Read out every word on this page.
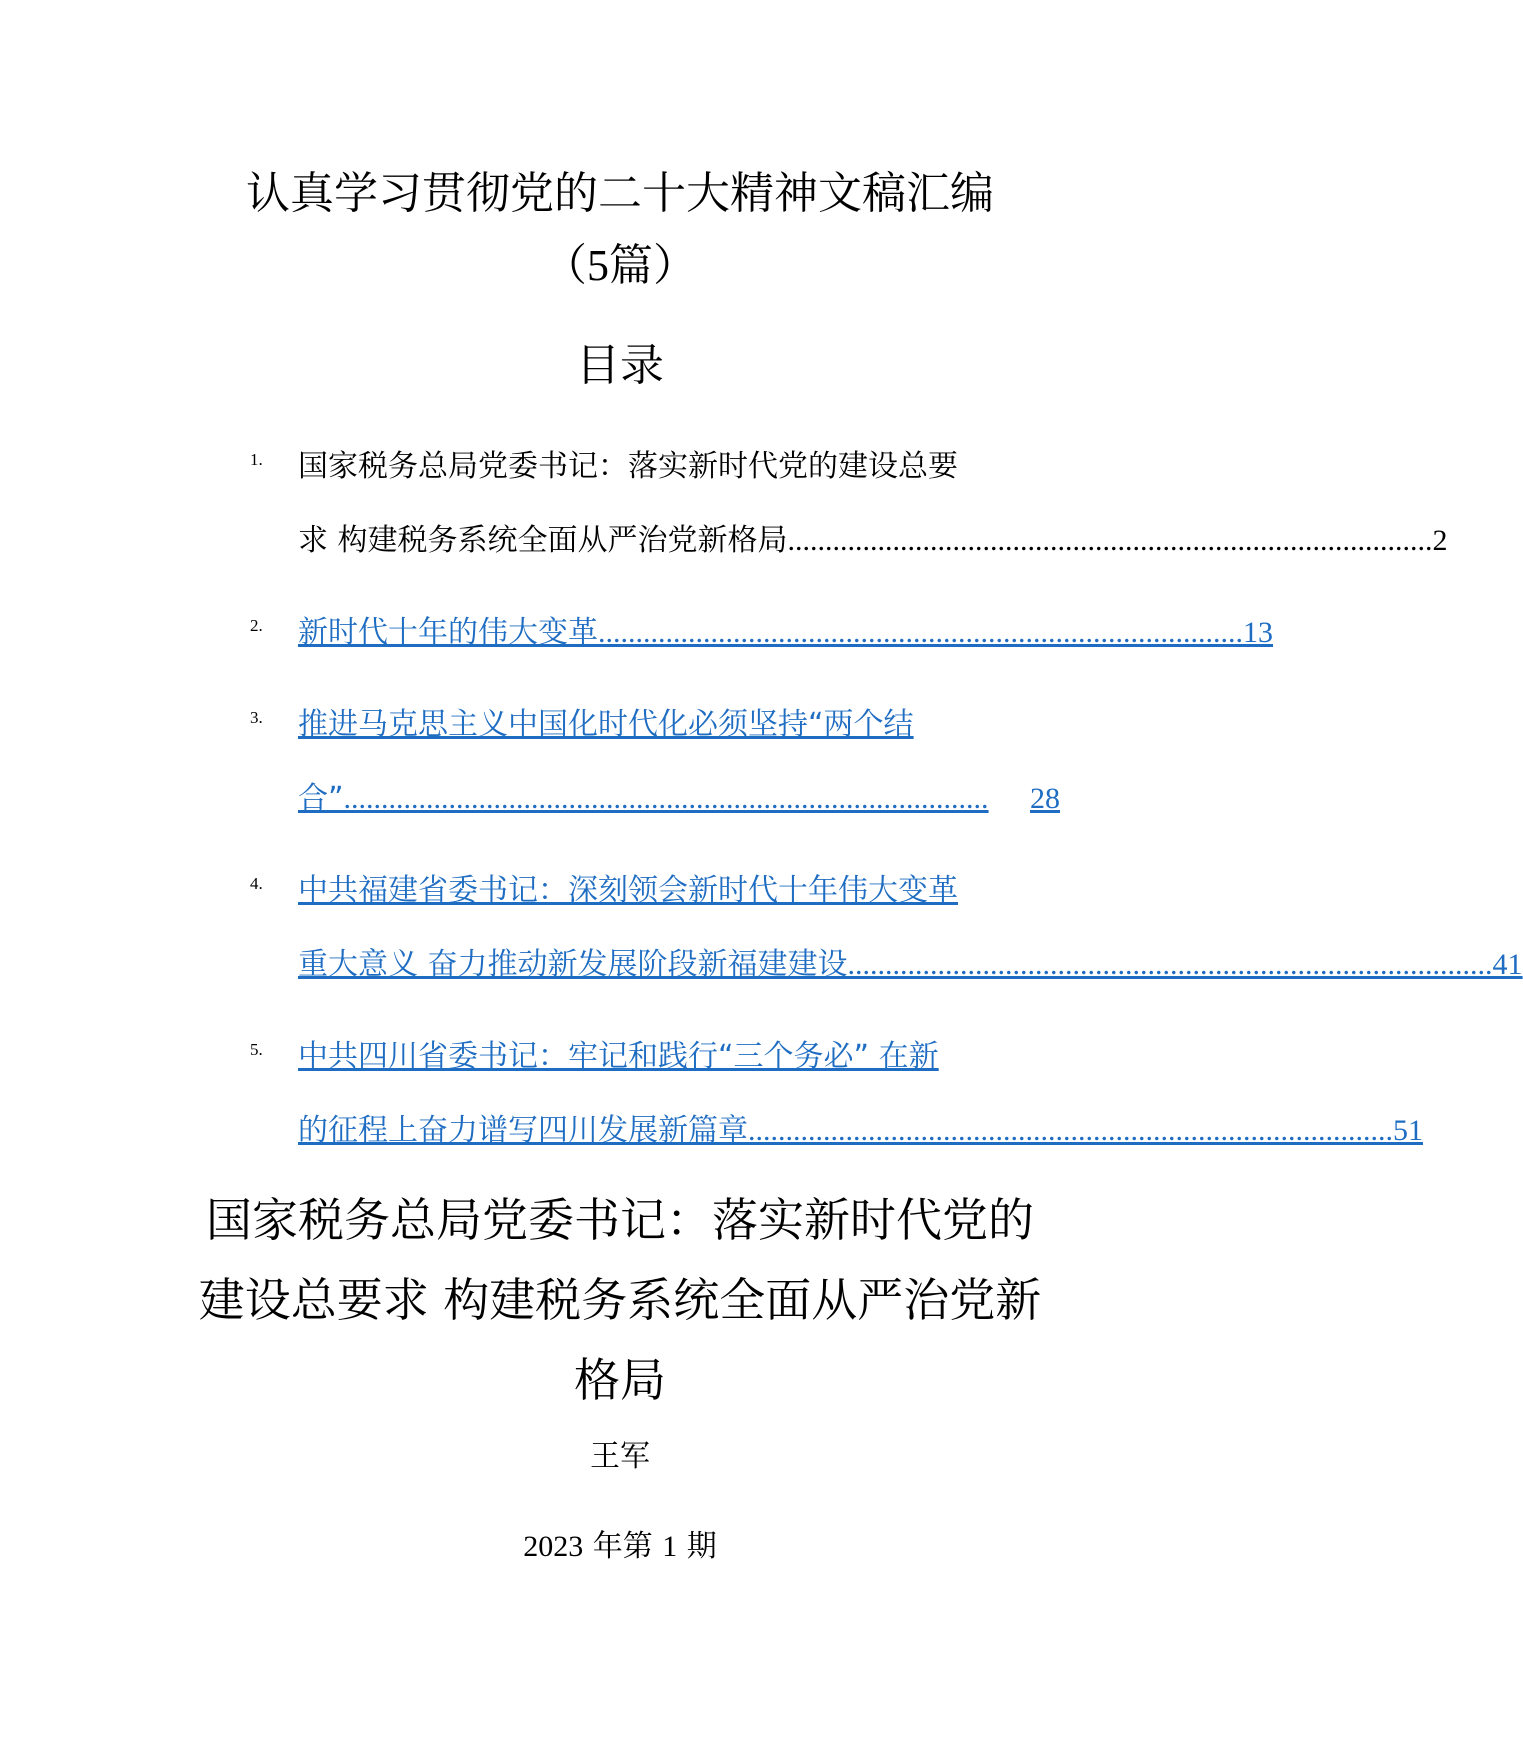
认真学习贯彻党的二十大精神文稿汇编
（5篇）
目录
1.	国家税务总局党委书记：落实新时代党的建设总要
求 构建税务系统全面从严治党新格局 ...................................................................................... 2
2.	新时代十年的伟大变革 ...................................................................................... 13
3.	推进马克思主义中国化时代化必须坚持“两个结
合” ......................................................................................	28
4.	中共福建省委书记：深刻领会新时代十年伟大变革
重大意义 奋力推动新发展阶段新福建建设 ...................................................................................... 41
5.	中共四川省委书记：牢记和践行“三个务必” 在新
的征程上奋力谱写四川发展新篇章 ...................................................................................... 51
国家税务总局党委书记：落实新时代党的
建设总要求 构建税务系统全面从严治党新
格局
王军
2023 年第 1 期
